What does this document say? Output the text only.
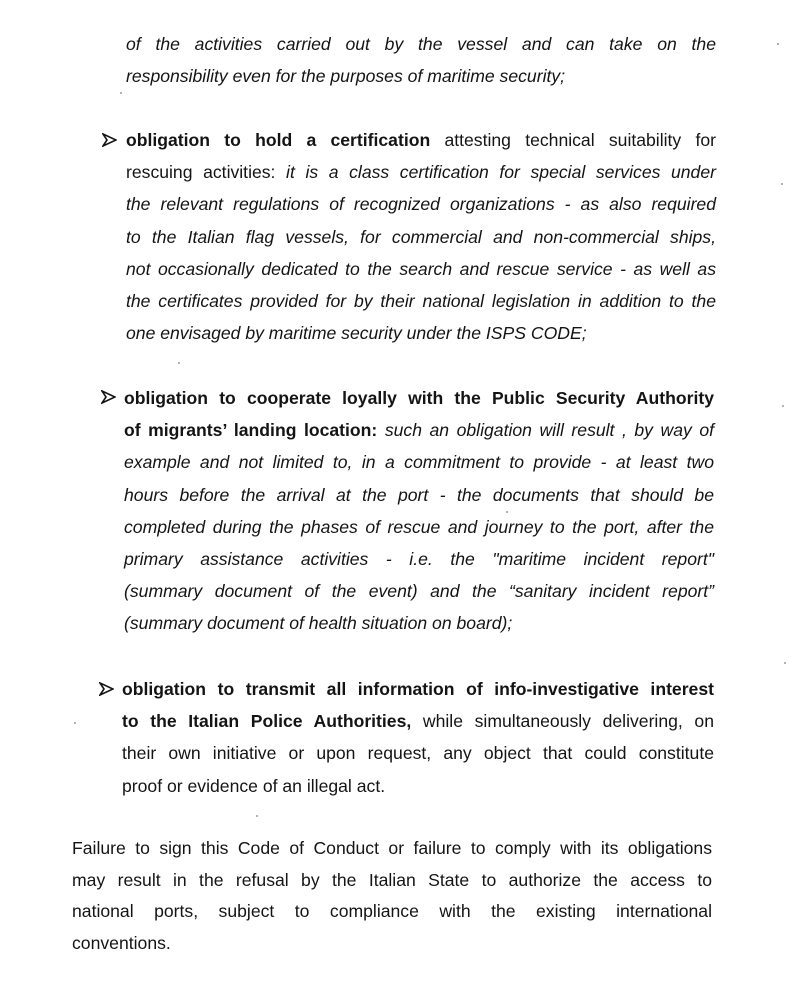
of the activities carried out by the vessel and can take on the
responsibility even for the purposes of maritime security;
obligation to hold a certification attesting technical suitability for
rescuing activities: it is a class certification for special services under
the relevant regulations of recognized organizations - as also required
to the Italian flag vessels, for commercial and non-commercial ships,
not occasionally dedicated to the search and rescue service - as well as
the certificates provided for by their national legislation in addition to the
one envisaged by maritime security under the ISPS CODE;
obligation to cooperate loyally with the Public Security Authority
of migrants’ landing location: such an obligation will result , by way of
example and not limited to, in a commitment to provide - at least two
hours before the arrival at the port - the documents that should be
completed during the phases of rescue and journey to the port, after the
primary assistance activities - i.e. the "maritime incident report"
(summary document of the event) and the “sanitary incident report”
(summary document of health situation on board);
obligation to transmit all information of info-investigative interest
to the Italian Police Authorities, while simultaneously delivering, on
their own initiative or upon request, any object that could constitute
proof or evidence of an illegal act.
Failure to sign this Code of Conduct or failure to comply with its obligations
may result in the refusal by the Italian State to authorize the access to
national ports, subject to compliance with the existing international
conventions.
